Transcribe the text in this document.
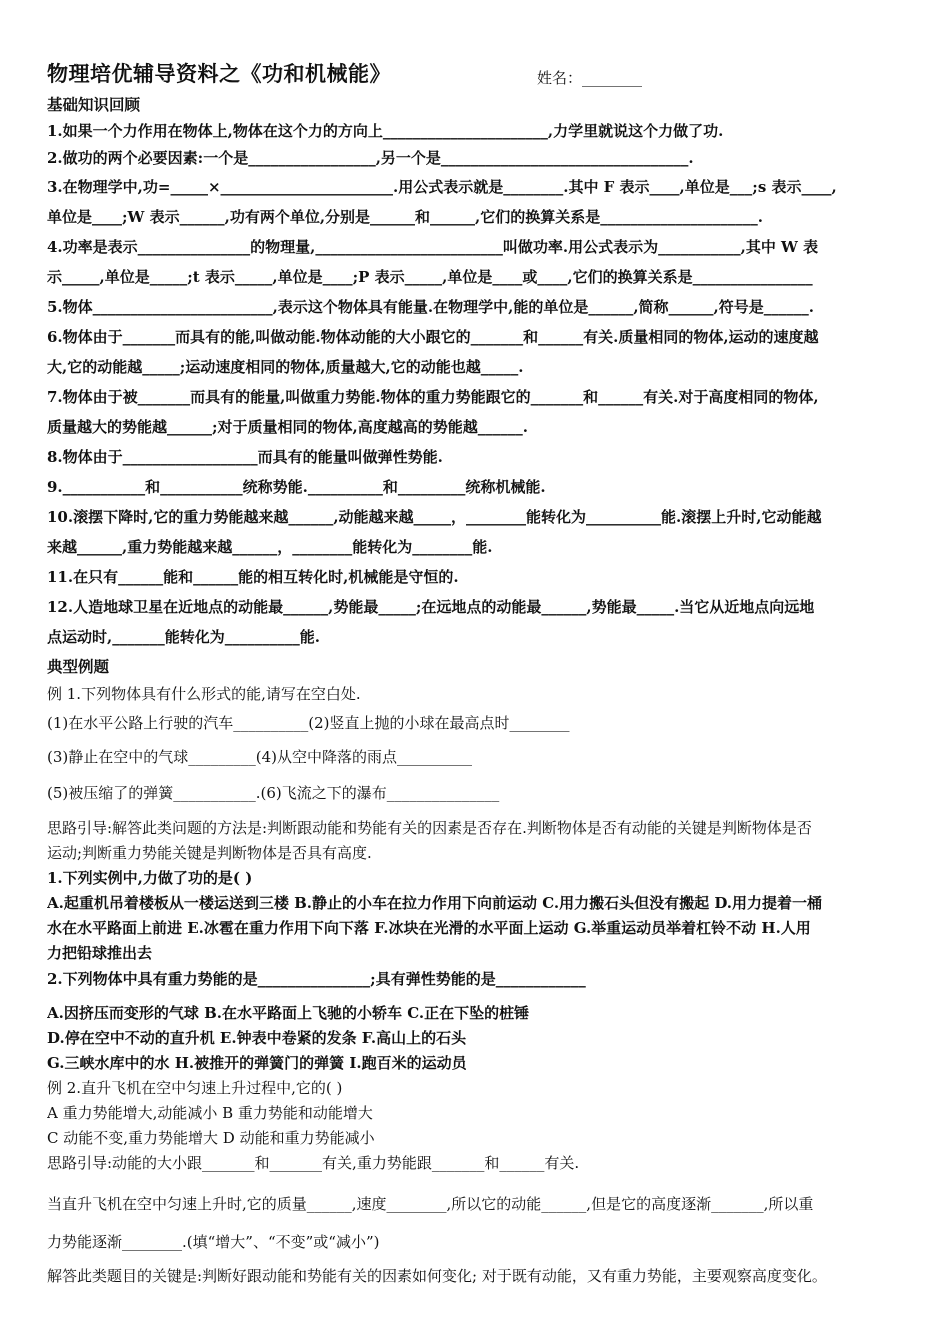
物理培优辅导资料之《功和机械能》	姓名：________
基础知识回顾
1.如果一个力作用在物体上,物体在这个力的方向上______________________,力学里就说这个力做了功.
2.做功的两个必要因素:一个是_________________,另一个是_________________________________.
3.在物理学中,功=_____×_______________________.用公式表示就是________.其中 F 表示____,单位是___;s 表示____,
单位是____;W 表示______,功有两个单位,分别是______和______,它们的换算关系是_____________________.
4.功率是表示_______________的物理量,_________________________叫做功率.用公式表示为___________,其中 W 表
示_____,单位是_____;t 表示_____,单位是____;P 表示_____,单位是____或____,它们的换算关系是________________
5.物体________________________,表示这个物体具有能量.在物理学中,能的单位是______,简称______,符号是______.
6.物体由于_______而具有的能,叫做动能.物体动能的大小跟它的_______和______有关.质量相同的物体,运动的速度越
大,它的动能越_____;运动速度相同的物体,质量越大,它的动能也越_____.
7.物体由于被_______而具有的能量,叫做重力势能.物体的重力势能跟它的_______和______有关.对于高度相同的物体,
质量越大的势能越______;对于质量相同的物体,高度越高的势能越______.
8.物体由于__________________而具有的能量叫做弹性势能.
9.___________和___________统称势能.__________和_________统称机械能.
10.滚摆下降时,它的重力势能越来越______,动能越来越_____，________能转化为__________能.滚摆上升时,它动能越
来越______,重力势能越来越______，________能转化为________能.
11.在只有______能和______能的相互转化时,机械能是守恒的.
12.人造地球卫星在近地点的动能最______,势能最_____;在远地点的动能最______,势能最_____.当它从近地点向远地
点运动时,_______能转化为__________能.
典型例题
例 1.下列物体具有什么形式的能,请写在空白处.
(1)在水平公路上行驶的汽车__________(2)竖直上抛的小球在最高点时________
(3)静止在空中的气球_________(4)从空中降落的雨点__________
(5)被压缩了的弹簧___________.(6)飞流之下的瀑布_______________
思路引导:解答此类问题的方法是:判断跟动能和势能有关的因素是否存在.判断物体是否有动能的关键是判断物体是否
运动;判断重力势能关键是判断物体是否具有高度.
1.下列实例中,力做了功的是( )
A.起重机吊着楼板从一楼运送到三楼 B.静止的小车在拉力作用下向前运动 C.用力搬石头但没有搬起 D.用力提着一桶
水在水平路面上前进 E.冰雹在重力作用下向下落 F.冰块在光滑的水平面上运动 G.举重运动员举着杠铃不动 H.人用
力把铅球推出去
2.下列物体中具有重力势能的是_______________;具有弹性势能的是____________
A.因挤压而变形的气球 B.在水平路面上飞驰的小轿车 C.正在下坠的桩锤
D.停在空中不动的直升机 E.钟表中卷紧的发条 F.高山上的石头
G.三峡水库中的水 H.被推开的弹簧门的弹簧 I.跑百米的运动员
例 2.直升飞机在空中匀速上升过程中,它的( )
A 重力势能增大,动能减小 B 重力势能和动能增大
C 动能不变,重力势能增大 D 动能和重力势能减小
思路引导:动能的大小跟_______和_______有关,重力势能跟_______和______有关.
当直升飞机在空中匀速上升时,它的质量______,速度________,所以它的动能______,但是它的高度逐渐_______,所以重
力势能逐渐________.(填“增大”、“不变”或“减小”)
解答此类题目的关键是:判断好跟动能和势能有关的因素如何变化; 对于既有动能，又有重力势能，主要观察高度变化。
